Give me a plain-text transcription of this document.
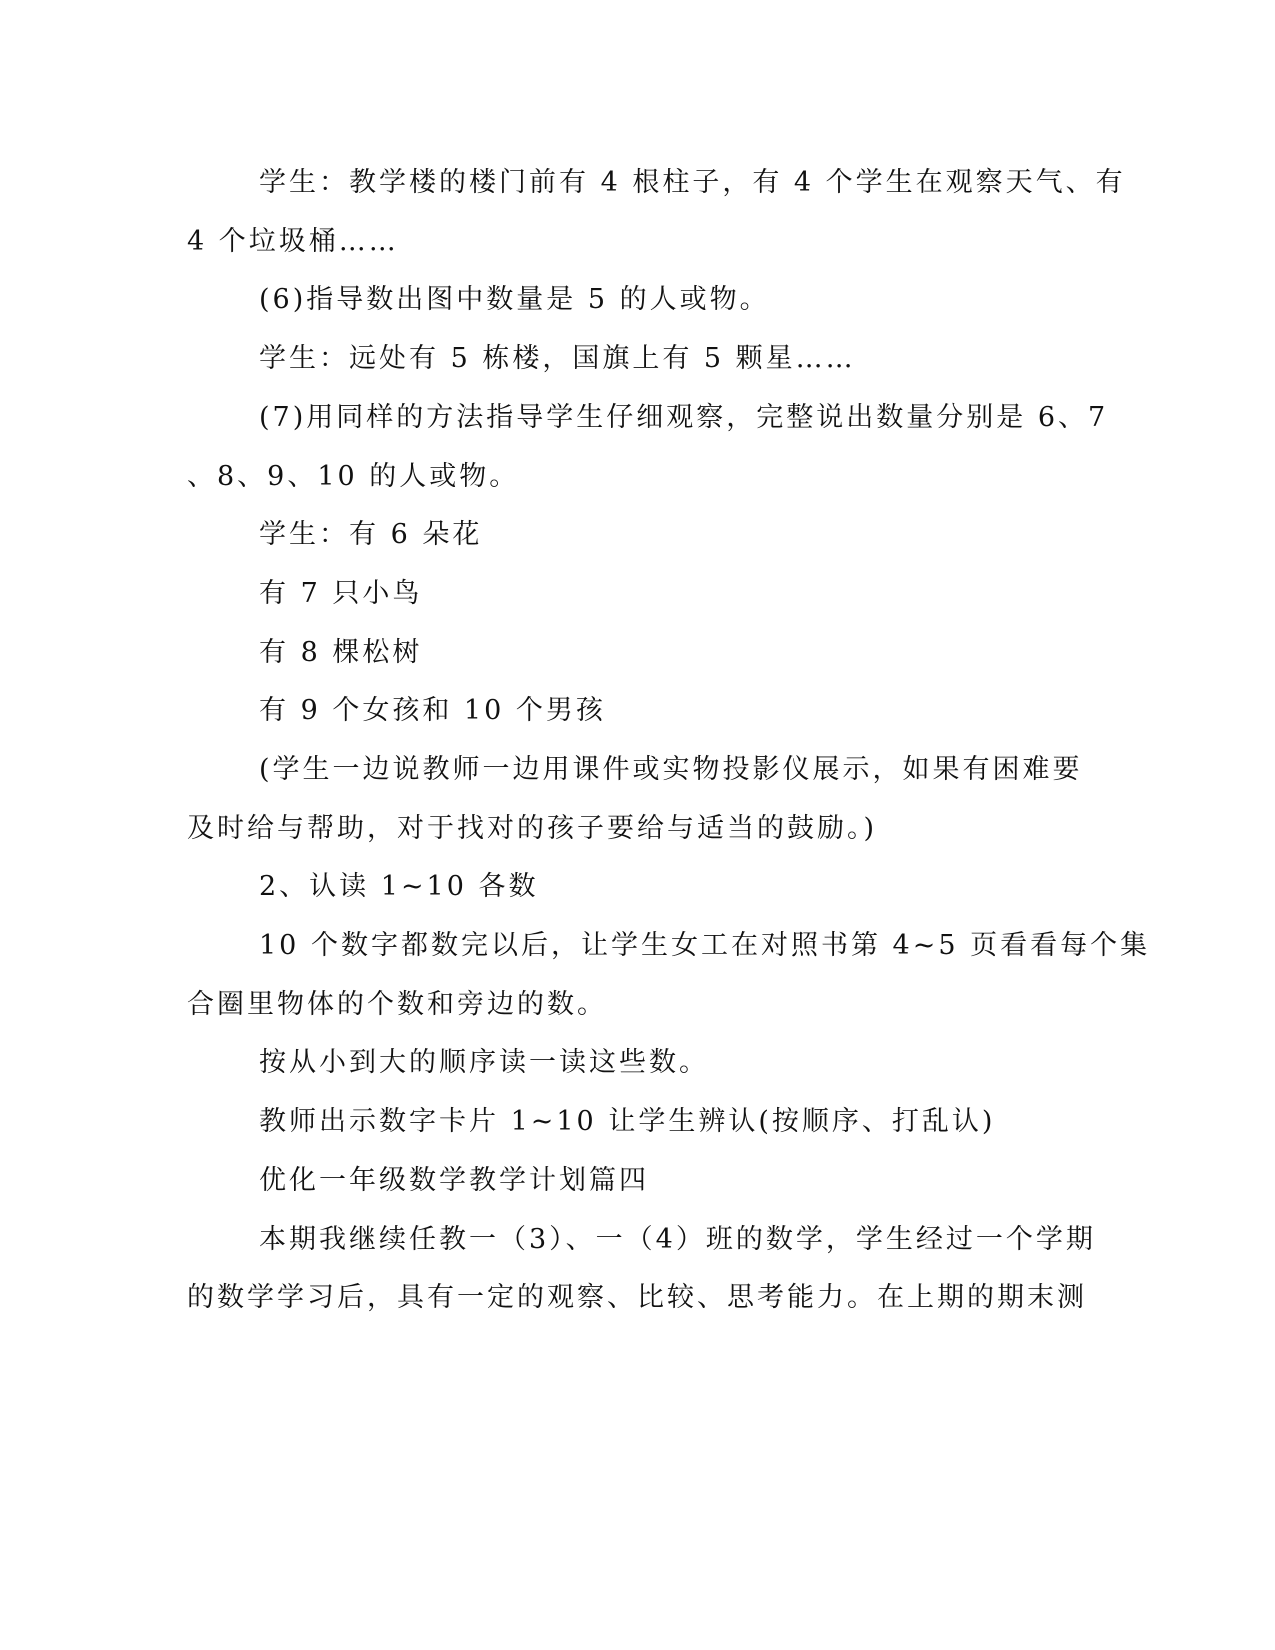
学生：教学楼的楼门前有 4 根柱子，有 4 个学生在观察天气、有
4 个垃圾桶……
(6)指导数出图中数量是 5 的人或物。
学生：远处有 5 栋楼，国旗上有 5 颗星……
(7)用同样的方法指导学生仔细观察，完整说出数量分别是 6、7
、8、9、10 的人或物。
学生：有 6 朵花
有 7 只小鸟
有 8 棵松树
有 9 个女孩和 10 个男孩
(学生一边说教师一边用课件或实物投影仪展示，如果有困难要
及时给与帮助，对于找对的孩子要给与适当的鼓励。)
2、认读 1~10 各数
10 个数字都数完以后，让学生女工在对照书第 4~5 页看看每个集
合圈里物体的个数和旁边的数。
按从小到大的顺序读一读这些数。
教师出示数字卡片 1~10 让学生辨认(按顺序、打乱认)
优化一年级数学教学计划篇四
本期我继续任教一（3）、一（4）班的数学，学生经过一个学期
的数学学习后，具有一定的观察、比较、思考能力。在上期的期末测
